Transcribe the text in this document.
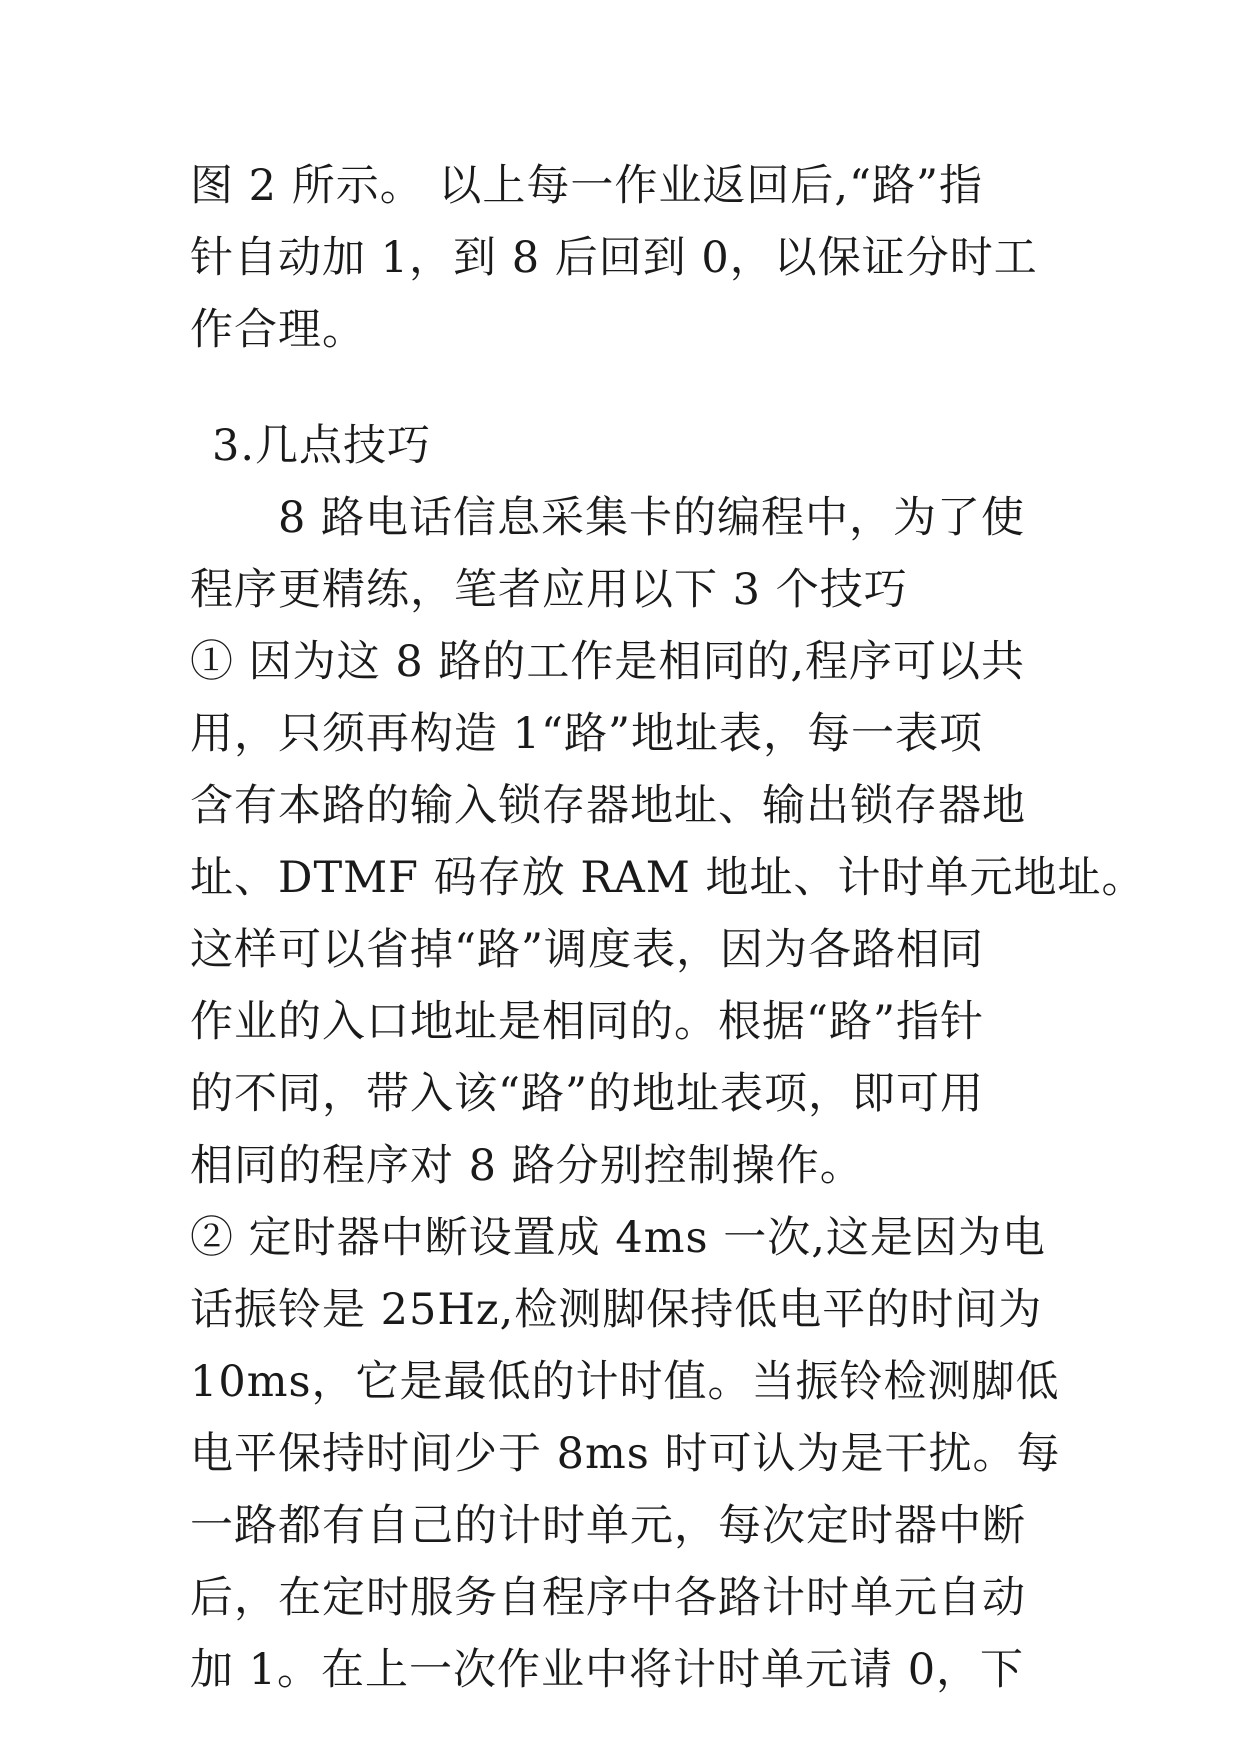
图 2 所示。 以上每一作业返回后,“路”指
针自动加 1，到 8 后回到 0，以保证分时工
作合理。
3.几点技巧
8 路电话信息采集卡的编程中，为了使
程序更精练，笔者应用以下 3 个技巧
① 因为这 8 路的工作是相同的,程序可以共
用，只须再构造 1“路”地址表，每一表项
含有本路的输入锁存器地址、输出锁存器地
址、DTMF 码存放 RAM 地址、计时单元地址。
这样可以省掉“路”调度表，因为各路相同
作业的入口地址是相同的。根据“路”指针
的不同，带入该“路”的地址表项，即可用
相同的程序对 8 路分别控制操作。
② 定时器中断设置成 4ms 一次,这是因为电
话振铃是 25Hz,检测脚保持低电平的时间为
10ms，它是最低的计时值。当振铃检测脚低
电平保持时间少于 8ms 时可认为是干扰。每
一路都有自己的计时单元，每次定时器中断
后，在定时服务自程序中各路计时单元自动
加 1。在上一次作业中将计时单元请 0，下
